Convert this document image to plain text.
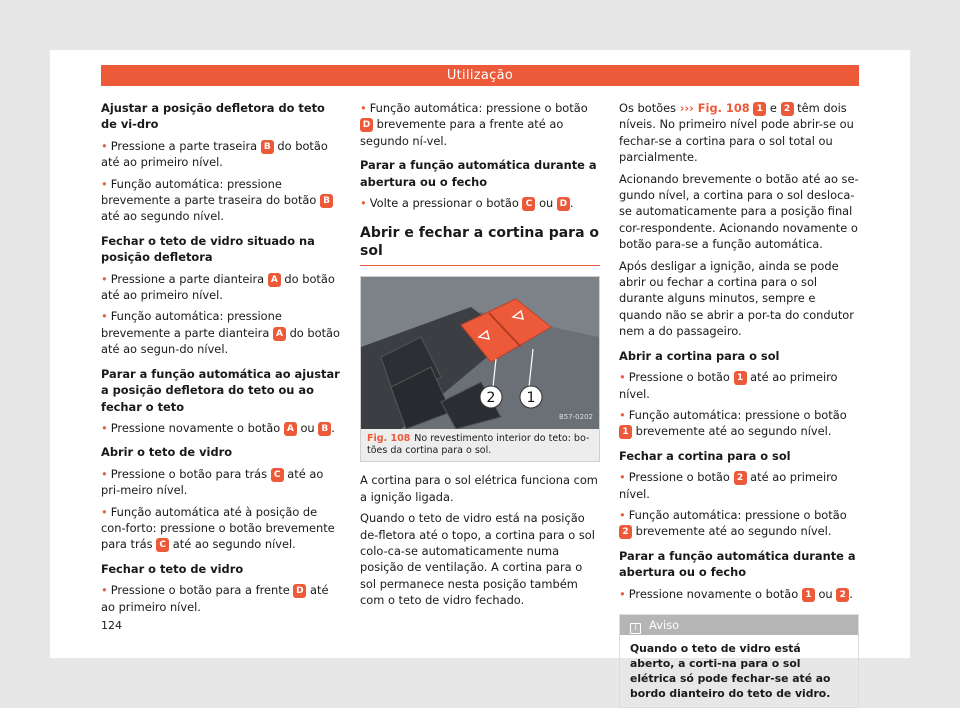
Utilização
Ajustar a posição defletora do teto de vi-dro
• Pressione a parte traseira B do botão até ao primeiro nível.
• Função automática: pressione brevemente a parte traseira do botão B até ao segundo nível.
Fechar o teto de vidro situado na posição defletora
• Pressione a parte dianteira A do botão até ao primeiro nível.
• Função automática: pressione brevemente a parte dianteira A do botão até ao segun-do nível.
Parar a função automática ao ajustar a posição defletora do teto ou ao fechar o teto
• Pressione novamente o botão A ou B .
Abrir o teto de vidro
• Pressione o botão para trás C até ao pri-meiro nível.
• Função automática até à posição de con-forto: pressione o botão brevemente para trás C até ao segundo nível.
Fechar o teto de vidro
• Pressione o botão para a frente D até ao primeiro nível.
• Função automática: pressione o botão D brevemente para a frente até ao segundo ní-vel.
Parar a função automática durante a abertura ou o fecho
• Volte a pressionar o botão C ou D .
Abrir e fechar a cortina para o sol
2 1
B57-0202
Fig. 108 No revestimento interior do teto: bo-tões da cortina para o sol.
A cortina para o sol elétrica funciona com a ignição ligada.
Quando o teto de vidro está na posição de-fletora até o topo, a cortina para o sol colo-ca-se automaticamente numa posição de ventilação. A cortina para o sol permanece nesta posição também com o teto de vidro fechado.
Os botões ››› Fig. 108 1 e 2 têm dois níveis. No primeiro nível pode abrir-se ou fechar-se a cortina para o sol total ou parcialmente.
Acionando brevemente o botão até ao se-gundo nível, a cortina para o sol desloca-se automaticamente para a posição final cor-respondente. Acionando novamente o botão para-se a função automática.
Após desligar a ignição, ainda se pode abrir ou fechar a cortina para o sol durante alguns minutos, sempre e quando não se abrir a por-ta do condutor nem a do passageiro.
Abrir a cortina para o sol
• Pressione o botão 1 até ao primeiro nível.
• Função automática: pressione o botão 1 brevemente até ao segundo nível.
Fechar a cortina para o sol
• Pressione o botão 2 até ao primeiro nível.
• Função automática: pressione o botão 2 brevemente até ao segundo nível.
Parar a função automática durante a abertura ou o fecho
• Pressione novamente o botão 1 ou 2 .
i Aviso
Quando o teto de vidro está aberto, a corti-na para o sol elétrica só pode fechar-se até ao bordo dianteiro do teto de vidro.
124
